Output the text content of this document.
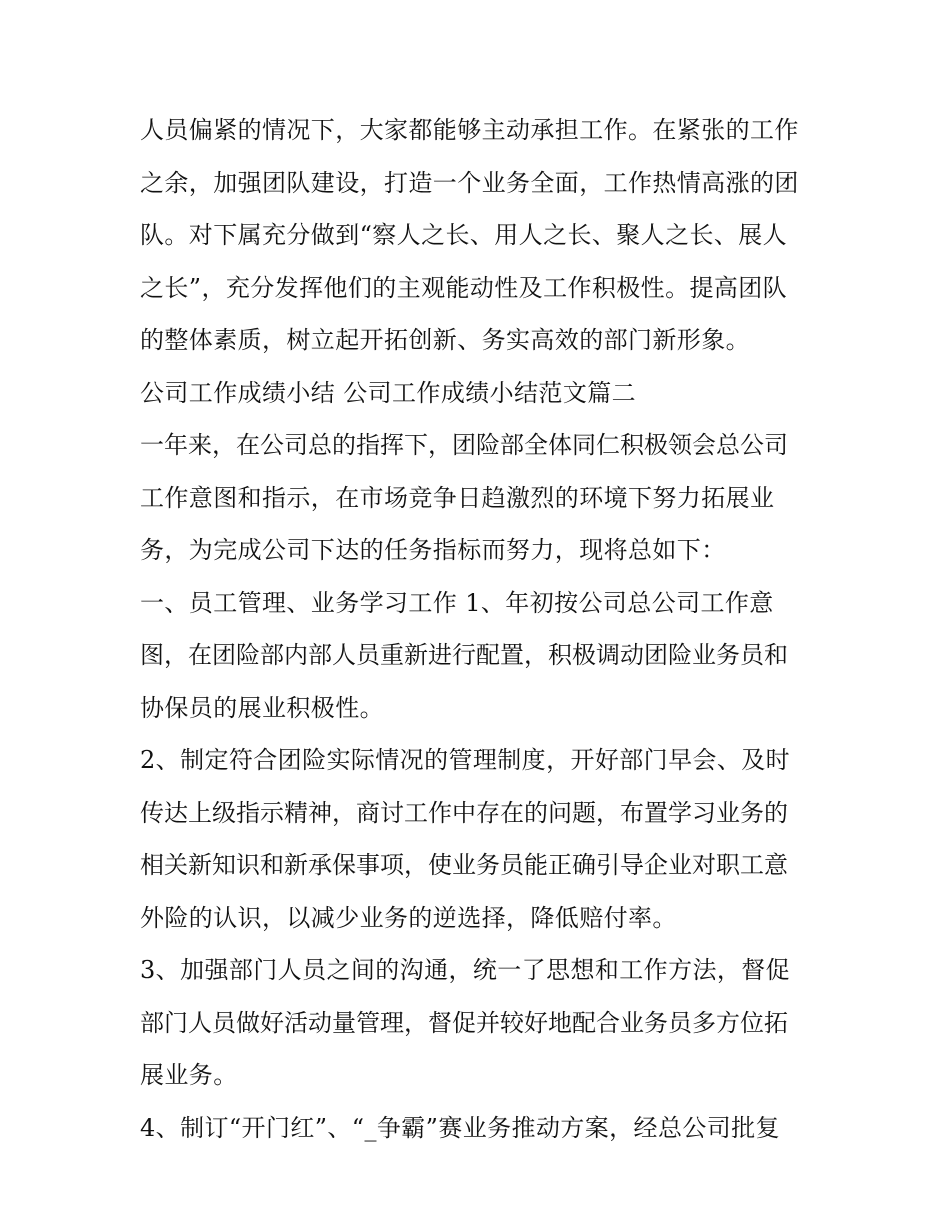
人员偏紧的情况下，大家都能够主动承担工作。在紧张的工作
之余，加强团队建设，打造一个业务全面，工作热情高涨的团
队。对下属充分做到“察人之长、用人之长、聚人之长、展人
之长”，充分发挥他们的主观能动性及工作积极性。提高团队
的整体素质，树立起开拓创新、务实高效的部门新形象。
公司工作成绩小结 公司工作成绩小结范文篇二
一年来，在公司总的指挥下，团险部全体同仁积极领会总公司
工作意图和指示，在市场竞争日趋激烈的环境下努力拓展业
务，为完成公司下达的任务指标而努力，现将总如下：
一、员工管理、业务学习工作 1、年初按公司总公司工作意
图，在团险部内部人员重新进行配置，积极调动团险业务员和
协保员的展业积极性。
2、制定符合团险实际情况的管理制度，开好部门早会、及时
传达上级指示精神，商讨工作中存在的问题，布置学习业务的
相关新知识和新承保事项，使业务员能正确引导企业对职工意
外险的认识，以减少业务的逆选择，降低赔付率。
3、加强部门人员之间的沟通，统一了思想和工作方法，督促
部门人员做好活动量管理，督促并较好地配合业务员多方位拓
展业务。
4、制订“开门红”、“_争霸”赛业务推动方案，经总公司批复
